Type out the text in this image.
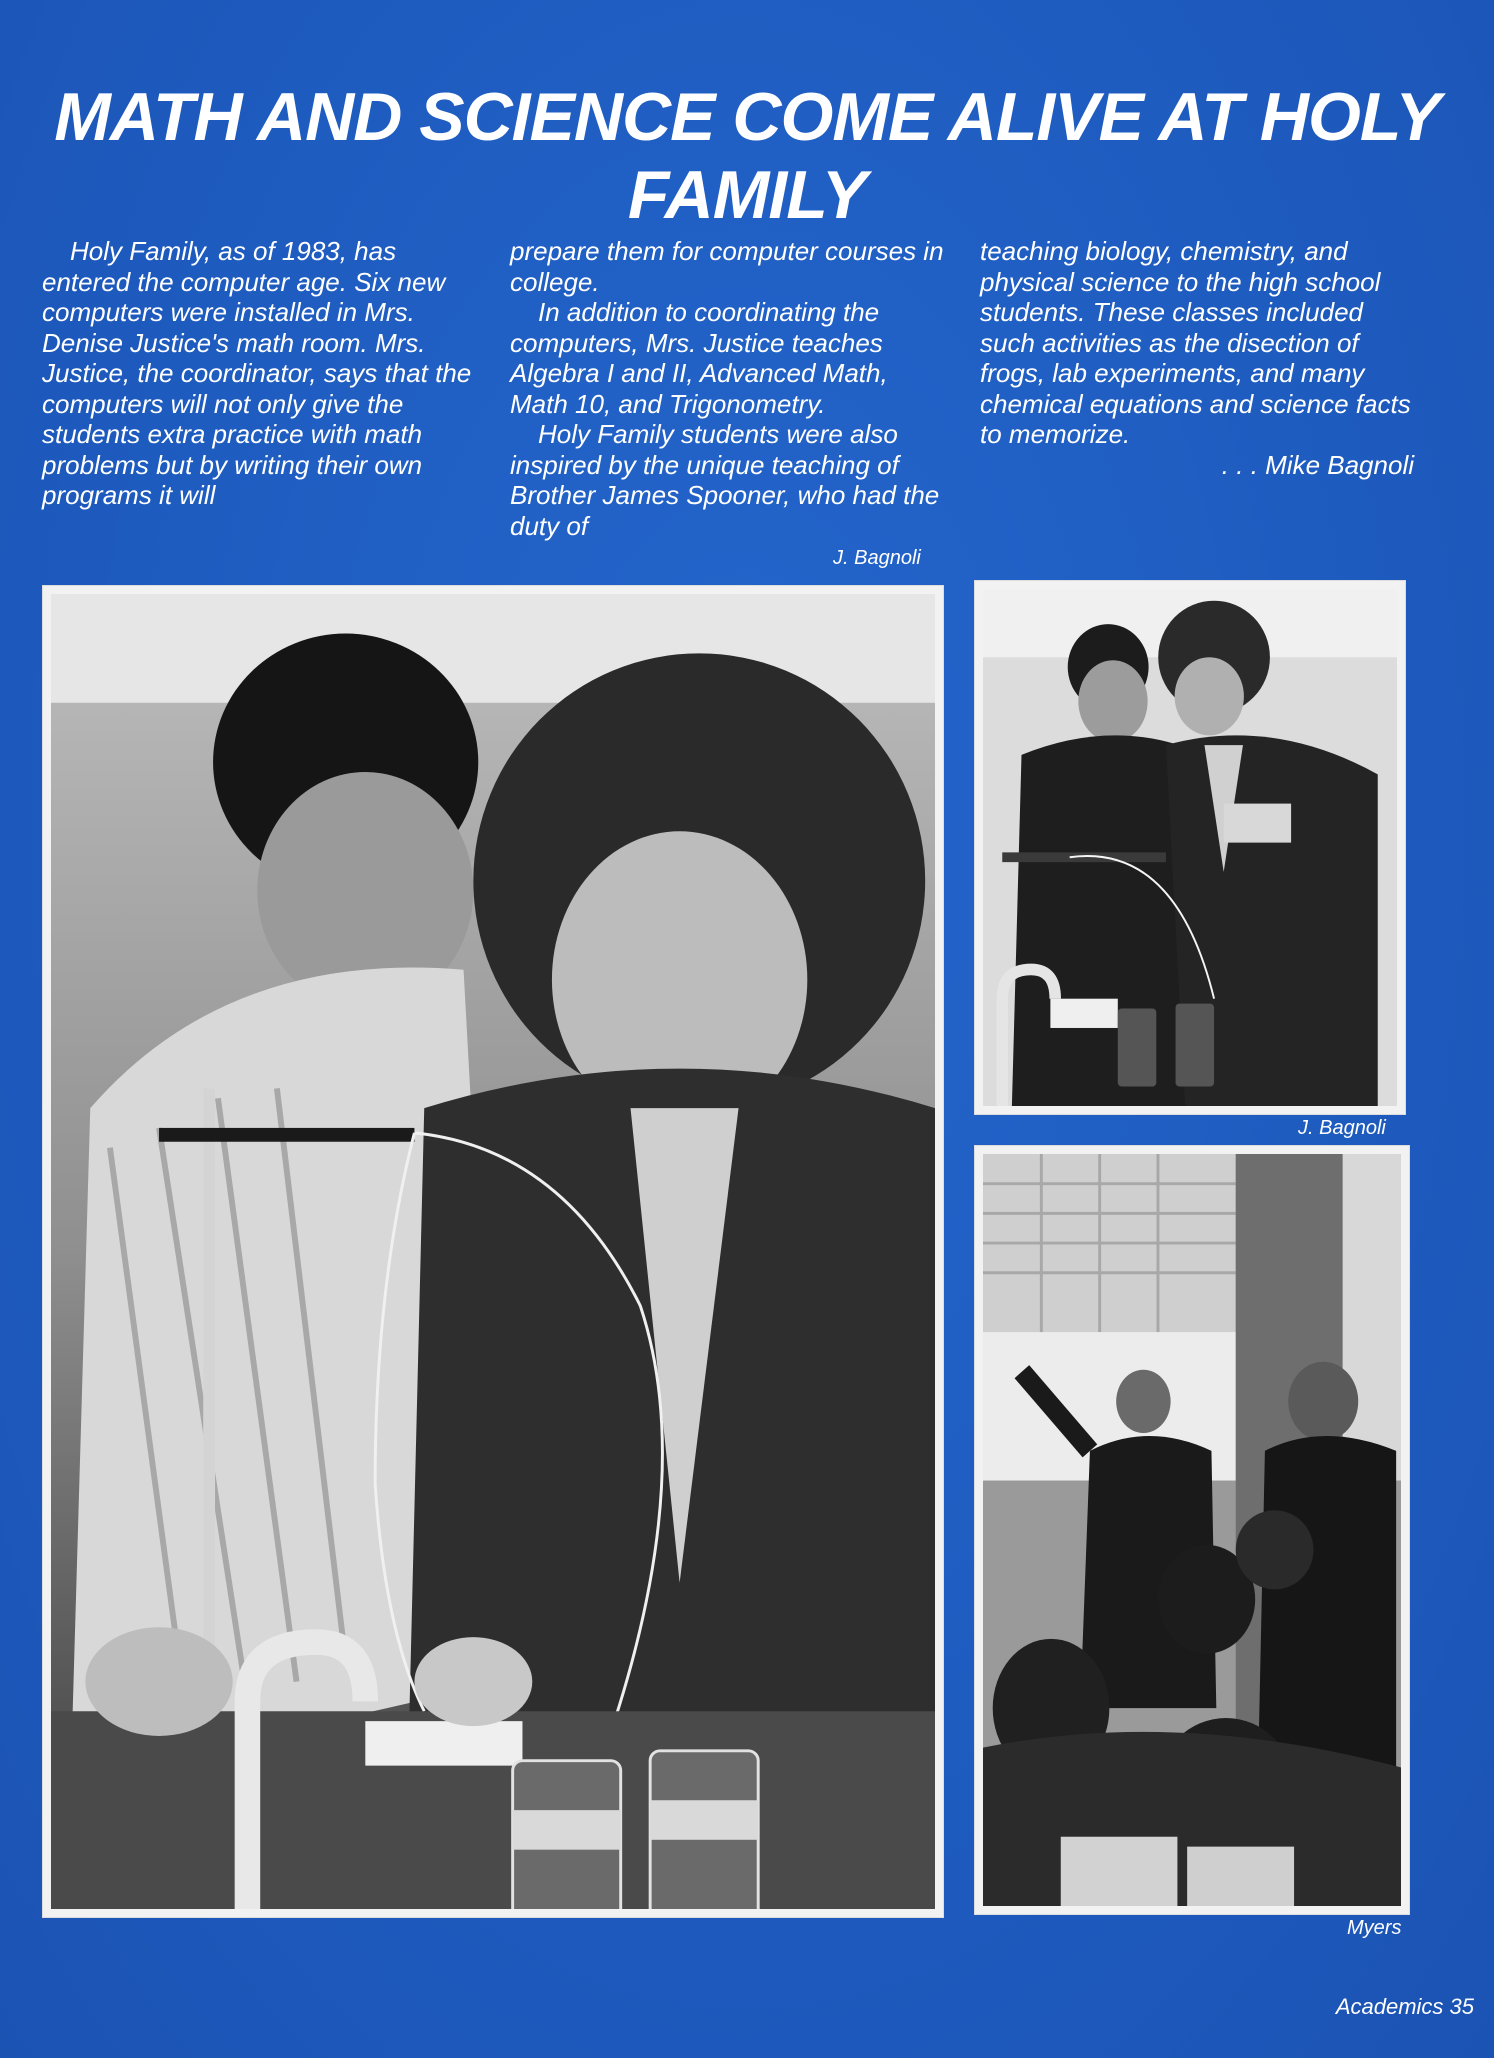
MATH AND SCIENCE COME ALIVE AT HOLY FAMILY

Holy Family, as of 1983, has entered the computer age. Six new computers were installed in Mrs. Denise Justice's math room. Mrs. Justice, the coordinator, says that the computers will not only give the students extra practice with math problems but by writing their own programs it will

prepare them for computer courses in college.

In addition to coordinating the computers, Mrs. Justice teaches Algebra I and II, Advanced Math, Math 10, and Trigonometry.

Holy Family students were also inspired by the unique teaching of Brother James Spooner, who had the duty of

teaching biology, chemistry, and physical science to the high school students. These classes included such activities as the disection of frogs, lab experiments, and many chemical equations and science facts to memorize.

. . . Mike Bagnoli
J. Bagnoli
J. Bagnoli
Myers
Academics 35
